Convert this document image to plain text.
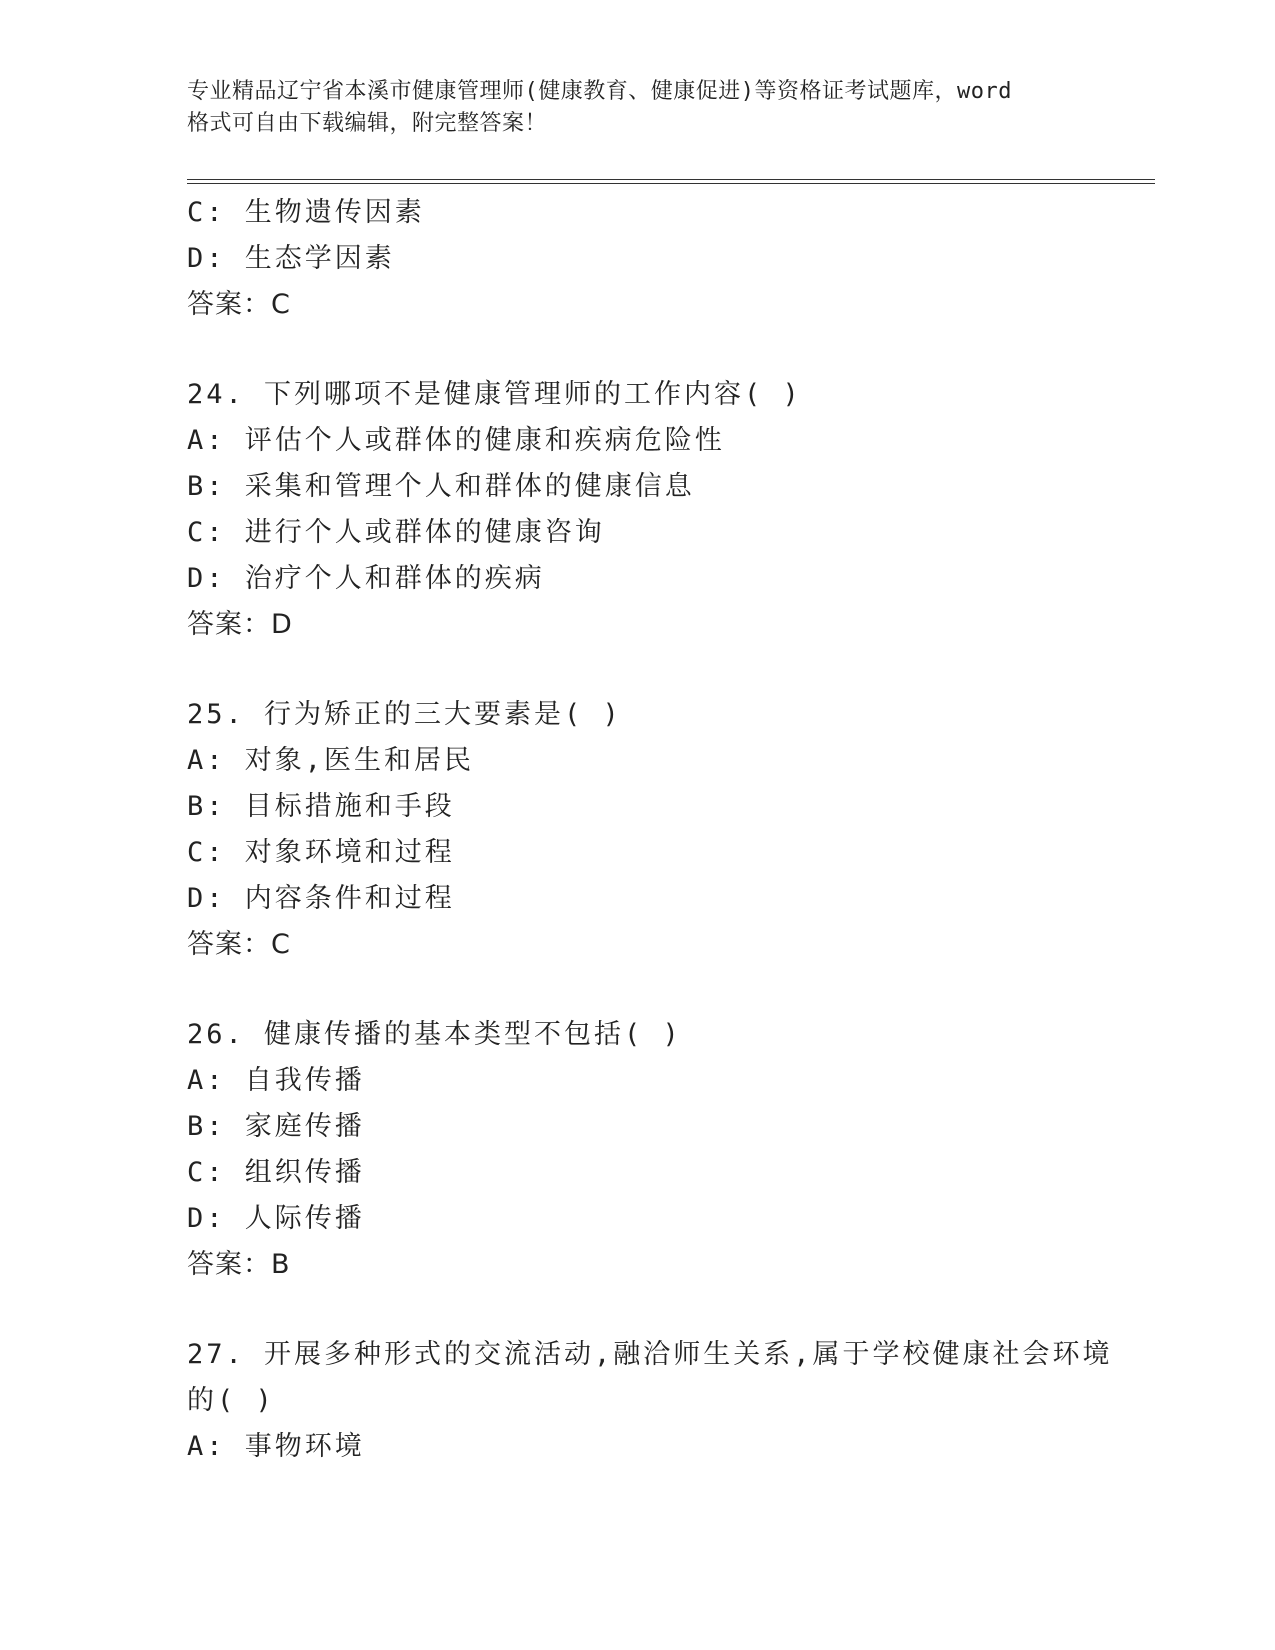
专业精品辽宁省本溪市健康管理师(健康教育、健康促进)等资格证考试题库，word
格式可自由下载编辑，附完整答案！
C: 生物遗传因素
D: 生态学因素
答案：C
24. 下列哪项不是健康管理师的工作内容( )
A: 评估个人或群体的健康和疾病危险性
B: 采集和管理个人和群体的健康信息
C: 进行个人或群体的健康咨询
D: 治疗个人和群体的疾病
答案：D
25. 行为矫正的三大要素是( )
A: 对象,医生和居民
B: 目标措施和手段
C: 对象环境和过程
D: 内容条件和过程
答案：C
26. 健康传播的基本类型不包括( )
A: 自我传播
B: 家庭传播
C: 组织传播
D: 人际传播
答案：B
27. 开展多种形式的交流活动,融洽师生关系,属于学校健康社会环境
的( )
A: 事物环境
